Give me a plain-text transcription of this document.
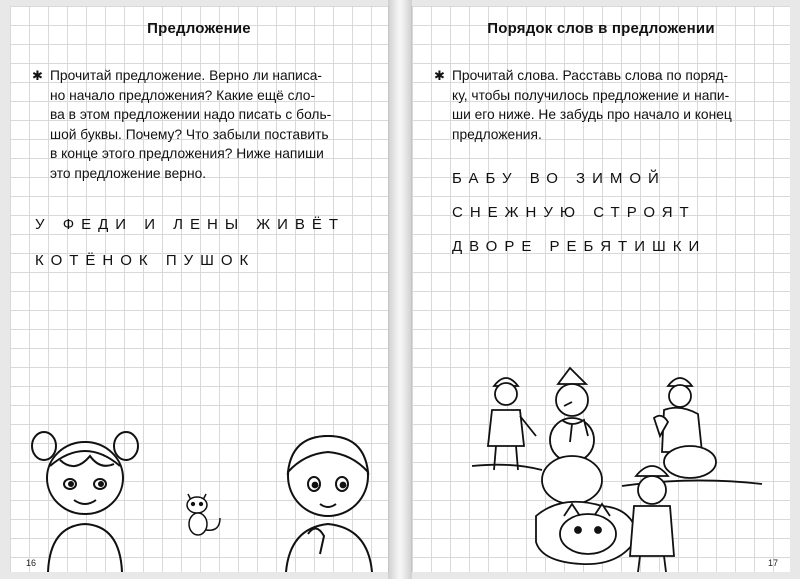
Предложение
✱ Прочитай предложение. Верно ли написа-

но начало предложения? Какие ещё сло-

ва в этом предложении надо писать с боль-

шой буквы. Почему? Что забыли поставить

в конце этого предложения? Ниже напиши

это предложение верно.

У ФЕДИ И ЛЕНЫ ЖИВЁТ
КОТЁНОК ПУШОК
16
Порядок слов в предложении
✱ Прочитай слова. Расставь слова по поряд-

ку, чтобы получилось предложение и напи-

ши его ниже. Не забудь про начало и конец

предложения.

БАБУ ВО ЗИМОЙ
СНЕЖНУЮ СТРОЯТ
ДВОРЕ РЕБЯТИШКИ
17
